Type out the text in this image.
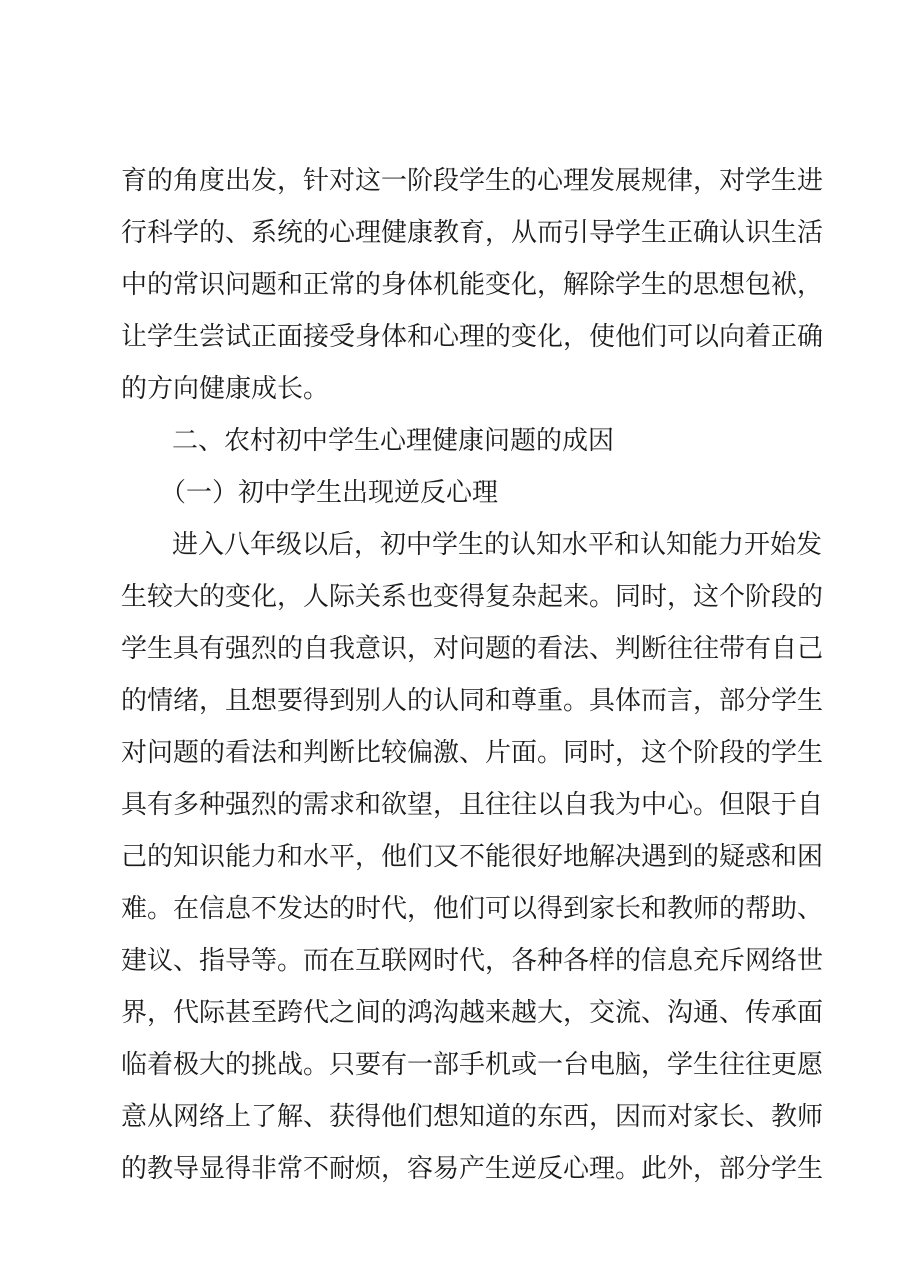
育的角度出发，针对这一阶段学生的心理发展规律，对学生进
行科学的、系统的心理健康教育，从而引导学生正确认识生活
中的常识问题和正常的身体机能变化，解除学生的思想包袱，
让学生尝试正面接受身体和心理的变化，使他们可以向着正确
的方向健康成长。
二、农村初中学生心理健康问题的成因
（一）初中学生出现逆反心理
进入八年级以后，初中学生的认知水平和认知能力开始发
生较大的变化，人际关系也变得复杂起来。同时，这个阶段的
学生具有强烈的自我意识，对问题的看法、判断往往带有自己
的情绪，且想要得到别人的认同和尊重。具体而言，部分学生
对问题的看法和判断比较偏激、片面。同时，这个阶段的学生
具有多种强烈的需求和欲望，且往往以自我为中心。但限于自
己的知识能力和水平，他们又不能很好地解决遇到的疑惑和困
难。在信息不发达的时代，他们可以得到家长和教师的帮助、
建议、指导等。而在互联网时代，各种各样的信息充斥网络世
界，代际甚至跨代之间的鸿沟越来越大，交流、沟通、传承面
临着极大的挑战。只要有一部手机或一台电脑，学生往往更愿
意从网络上了解、获得他们想知道的东西，因而对家长、教师
的教导显得非常不耐烦，容易产生逆反心理。此外，部分学生
